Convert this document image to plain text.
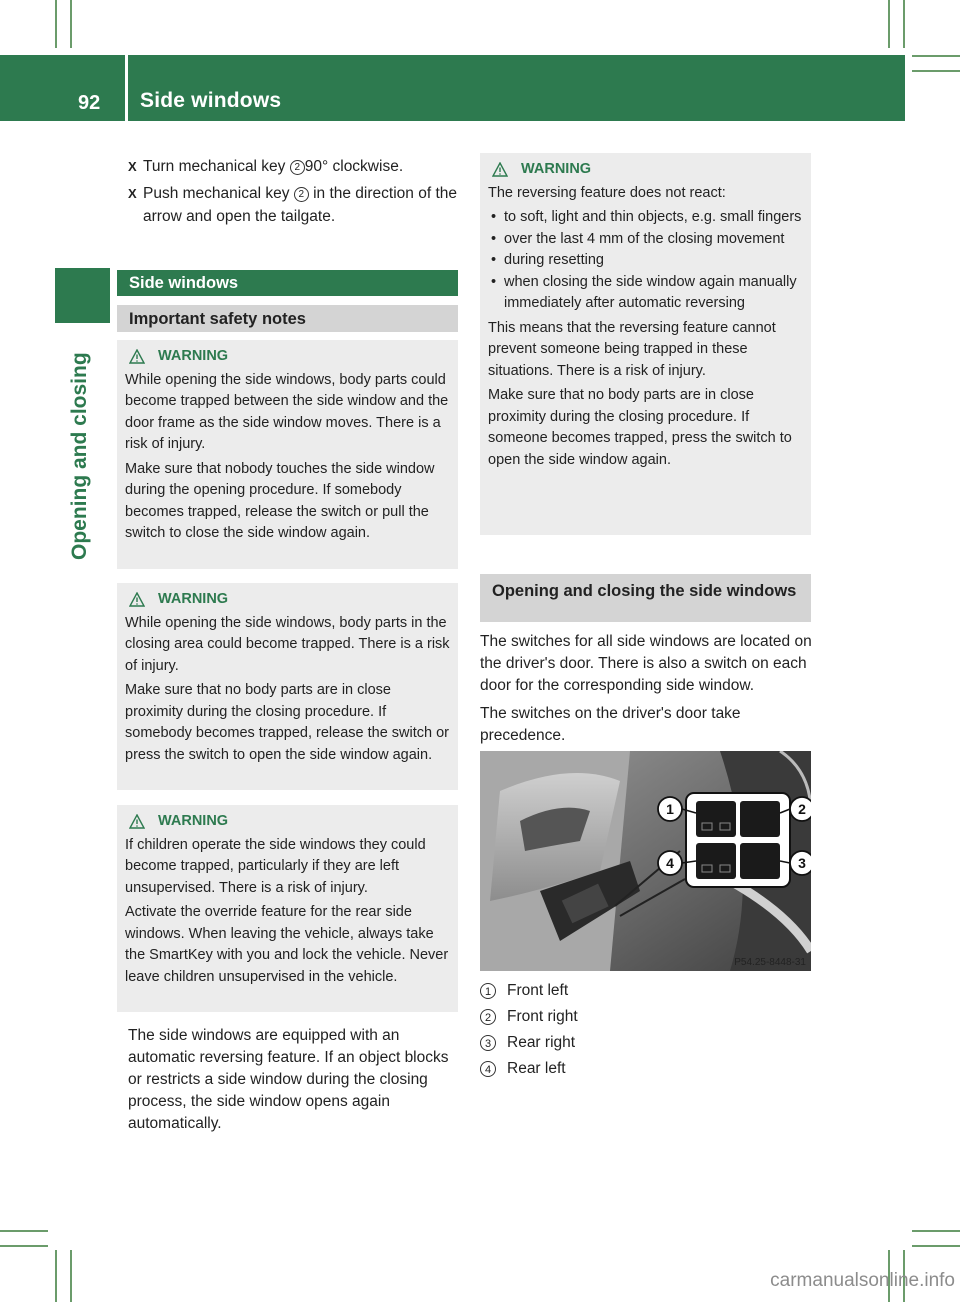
92 Side windows
Opening and closing
X Turn mechanical key 2 90° clockwise.
X Push mechanical key 2 in the direction of the arrow and open the tailgate.
Side windows
Important safety notes
WARNING

While opening the side windows, body parts could become trapped between the side window and the door frame as the side window moves. There is a risk of injury.

Make sure that nobody touches the side window during the opening procedure. If somebody becomes trapped, release the switch or pull the switch to close the side window again.

WARNING

While opening the side windows, body parts in the closing area could become trapped. There is a risk of injury.

Make sure that no body parts are in close proximity during the closing procedure. If somebody becomes trapped, release the switch or press the switch to open the side window again.

WARNING

If children operate the side windows they could become trapped, particularly if they are left unsupervised. There is a risk of injury.

Activate the override feature for the rear side windows. When leaving the vehicle, always take the SmartKey with you and lock the vehicle. Never leave children unsupervised in the vehicle.

The side windows are equipped with an automatic reversing feature. If an object blocks or restricts a side window during the closing process, the side window opens again automatically.

WARNING

The reversing feature does not react:

• to soft, light and thin objects, e.g. small fingers
• over the last 4 mm of the closing movement
• during resetting
• when closing the side window again manually immediately after automatic reversing

This means that the reversing feature cannot prevent someone being trapped in these situations. There is a risk of injury.

Make sure that no body parts are in close proximity during the closing procedure. If someone becomes trapped, press the switch to open the side window again.

Opening and closing the side windows

The switches for all side windows are located on the driver's door. There is also a switch on each door for the corresponding side window.

The switches on the driver's door take precedence.

1	2
3
4
P54.25-8448-31
1	Front left
2	Front right
3	Rear right
4	Rear left
carmanualsonline.info
